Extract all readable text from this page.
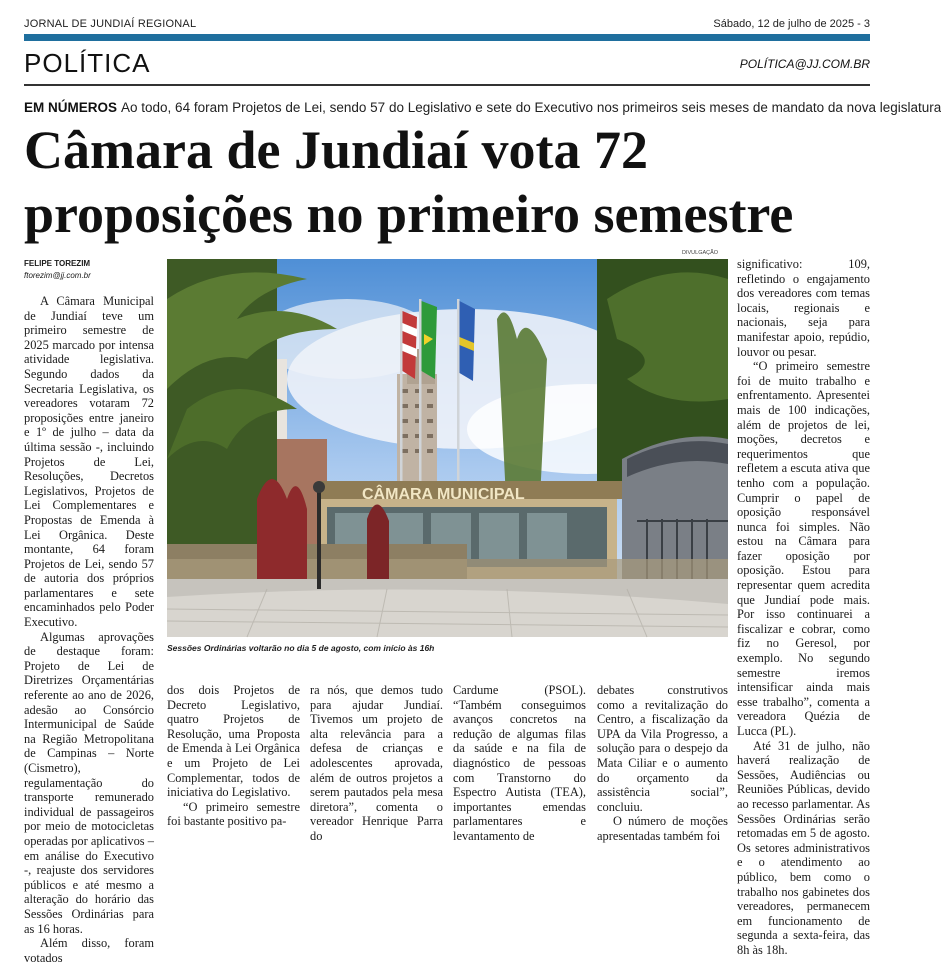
JORNAL DE JUNDIAÍ REGIONAL	Sábado, 12 de julho de 2025 - 3
POLÍTICA	POLÍTICA@JJ.COM.BR
EM NÚMEROS Ao todo, 64 foram Projetos de Lei, sendo 57 do Legislativo e sete do Executivo nos primeiros seis meses de mandato da nova legislatura
Câmara de Jundiaí vota 72 proposições no primeiro semestre
FELIPE TOREZIM
ftorezim@jj.com.br

A Câmara Municipal de Jundiaí teve um primeiro semestre de 2025 marcado por intensa atividade legislativa. Segundo dados da Secretaria Legislativa, os vereadores votaram 72 proposições entre janeiro e 1º de julho – data da última sessão -, incluindo Projetos de Lei, Resoluções, Decretos Legislativos, Projetos de Lei Complementares e Propostas de Emenda à Lei Orgânica. Deste montante, 64 foram Projetos de Lei, sendo 57 de autoria dos próprios parlamentares e sete encaminhados pelo Poder Executivo.

Algumas aprovações de destaque foram: Projeto de Lei de Diretrizes Orçamentárias referente ao ano de 2026, adesão ao Consórcio Intermunicipal de Saúde na Região Metropolitana de Campinas – Norte (Cismetro), regulamentação do transporte remunerado individual de passageiros por meio de motocicletas operadas por aplicativos – em análise do Executivo -, reajuste dos servidores públicos e até mesmo a alteração do horário das Sessões Ordinárias para as 16 horas.

Além disso, foram votados

DIVULGAÇÃO
CÂMARA MUNICIPAL
Sessões Ordinárias voltarão no dia 5 de agosto, com início às 16h

dos dois Projetos de Decreto Legislativo, quatro Projetos de Resolução, uma Proposta de Emenda à Lei Orgânica e um Projeto de Lei Complementar, todos de iniciativa do Legislativo.

“O primeiro semestre foi bastante positivo pa-

ra nós, que demos tudo para ajudar Jundiaí. Tivemos um projeto de alta relevância para a defesa de crianças e adolescentes aprovada, além de outros projetos a serem pautados pela mesa diretora”, comenta o vereador Henrique Parra do

Cardume (PSOL). “Também conseguimos avanços concretos na redução de algumas filas da saúde e na fila de diagnóstico de pessoas com Transtorno do Espectro Autista (TEA), importantes emendas parlamentares e levantamento de

debates construtivos como a revitalização do Centro, a fiscalização da UPA da Vila Progresso, a solução para o despejo da Mata Ciliar e o aumento do orçamento da assistência social”, concluiu.

O número de moções apresentadas também foi

significativo: 109, refletindo o engajamento dos vereadores com temas locais, regionais e nacionais, seja para manifestar apoio, repúdio, louvor ou pesar.

“O primeiro semestre foi de muito trabalho e enfrentamento. Apresentei mais de 100 indicações, além de projetos de lei, moções, decretos e requerimentos que refletem a escuta ativa que tenho com a população. Cumprir o papel de oposição responsável nunca foi simples. Não estou na Câmara para fazer oposição por oposição. Estou para representar quem acredita que Jundiaí pode mais. Por isso continuarei a fiscalizar e cobrar, como fiz no Geresol, por exemplo. No segundo semestre iremos intensificar ainda mais esse trabalho”, comenta a vereadora Quézia de Lucca (PL).

Até 31 de julho, não haverá realização de Sessões, Audiências ou Reuniões Públicas, devido ao recesso parlamentar. As Sessões Ordinárias serão retomadas em 5 de agosto. Os setores administrativos e o atendimento ao público, bem como o trabalho nos gabinetes dos vereadores, permanecem em funcionamento de segunda a sexta-feira, das 8h às 18h.
